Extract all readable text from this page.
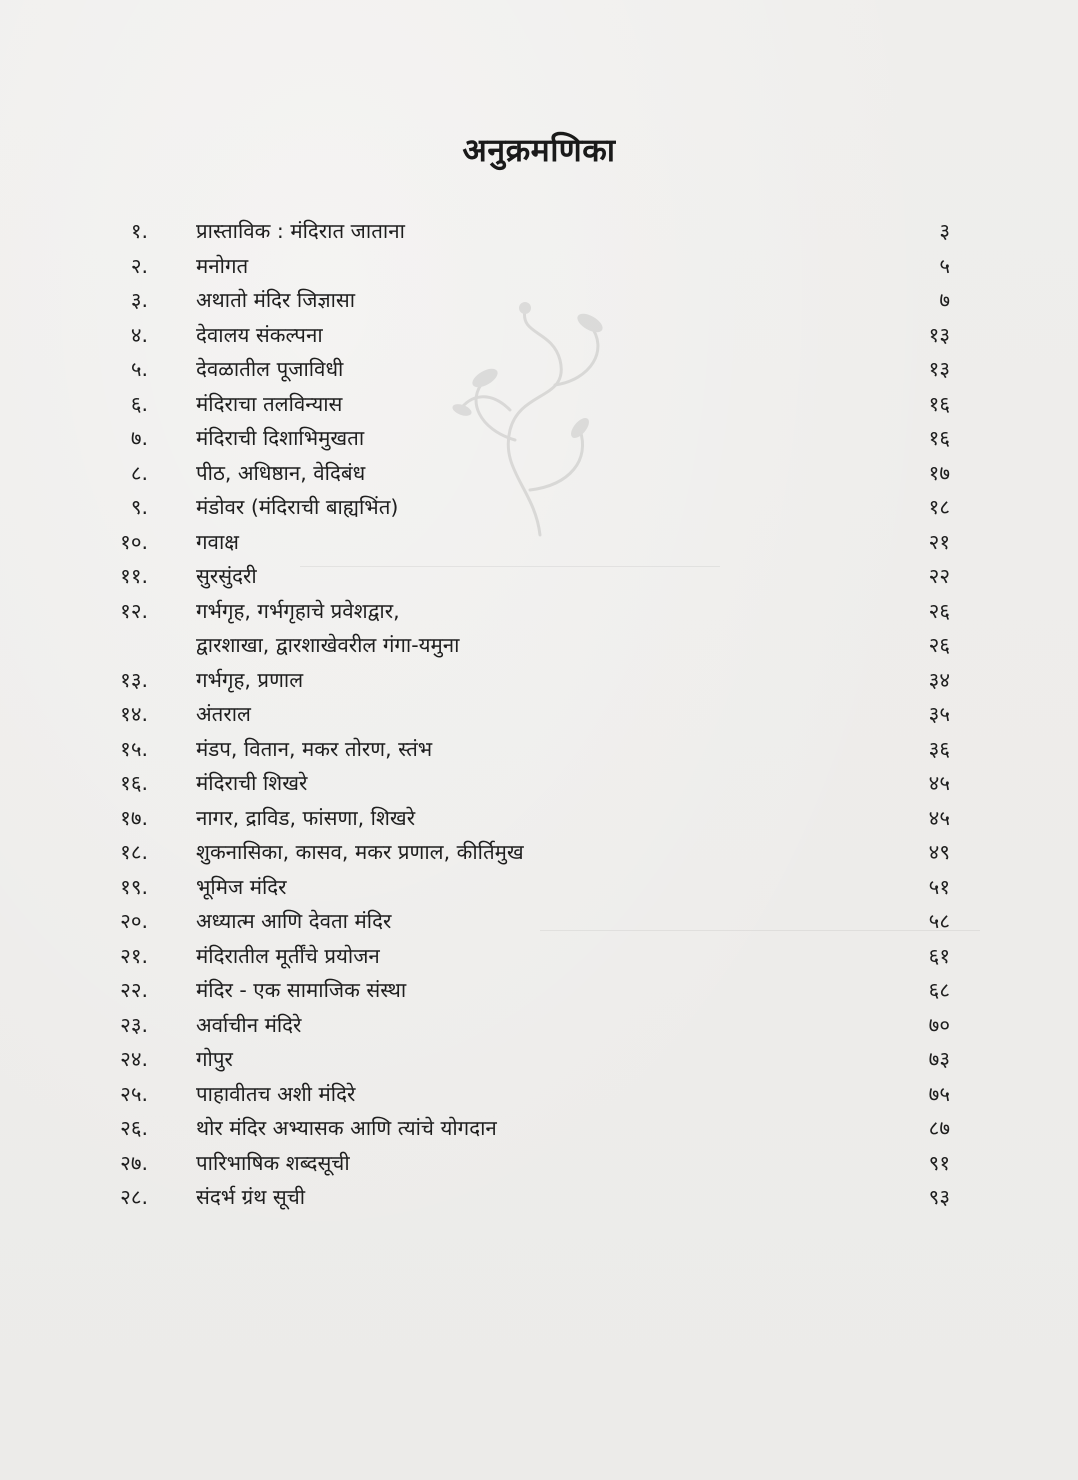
अनुक्रमणिका
१. प्रास्ताविक : मंदिरात जाताना	३
२. मनोगत	५
३. अथातो मंदिर जिज्ञासा	७
४. देवालय संकल्पना	१३
५. देवळातील पूजाविधी	१३
६. मंदिराचा तलविन्यास	१६
७. मंदिराची दिशाभिमुखता	१६
८. पीठ, अधिष्ठान, वेदिबंध	१७
९. मंडोवर (मंदिराची बाह्यभिंत)	१८
१०. गवाक्ष	२१
११. सुरसुंदरी	२२
१२. गर्भगृह, गर्भगृहाचे प्रवेशद्वार,	२६
द्वारशाखा, द्वारशाखेवरील गंगा-यमुना	२६
१३. गर्भगृह, प्रणाल	३४
१४. अंतराल	३५
१५. मंडप, वितान, मकर तोरण, स्तंभ	३६
१६. मंदिराची शिखरे	४५
१७. नागर, द्राविड, फांसणा, शिखरे	४५
१८. शुकनासिका, कासव, मकर प्रणाल, कीर्तिमुख	४९
१९. भूमिज मंदिर	५१
२०. अध्यात्म आणि देवता मंदिर	५८
२१. मंदिरातील मूर्तींचे प्रयोजन	६१
२२. मंदिर - एक सामाजिक संस्था	६८
२३. अर्वाचीन मंदिरे	७०
२४. गोपुर	७३
२५. पाहावीतच अशी मंदिरे	७५
२६. थोर मंदिर अभ्यासक आणि त्यांचे योगदान	८७
२७. पारिभाषिक शब्दसूची	९१
२८. संदर्भ ग्रंथ सूची	९३
